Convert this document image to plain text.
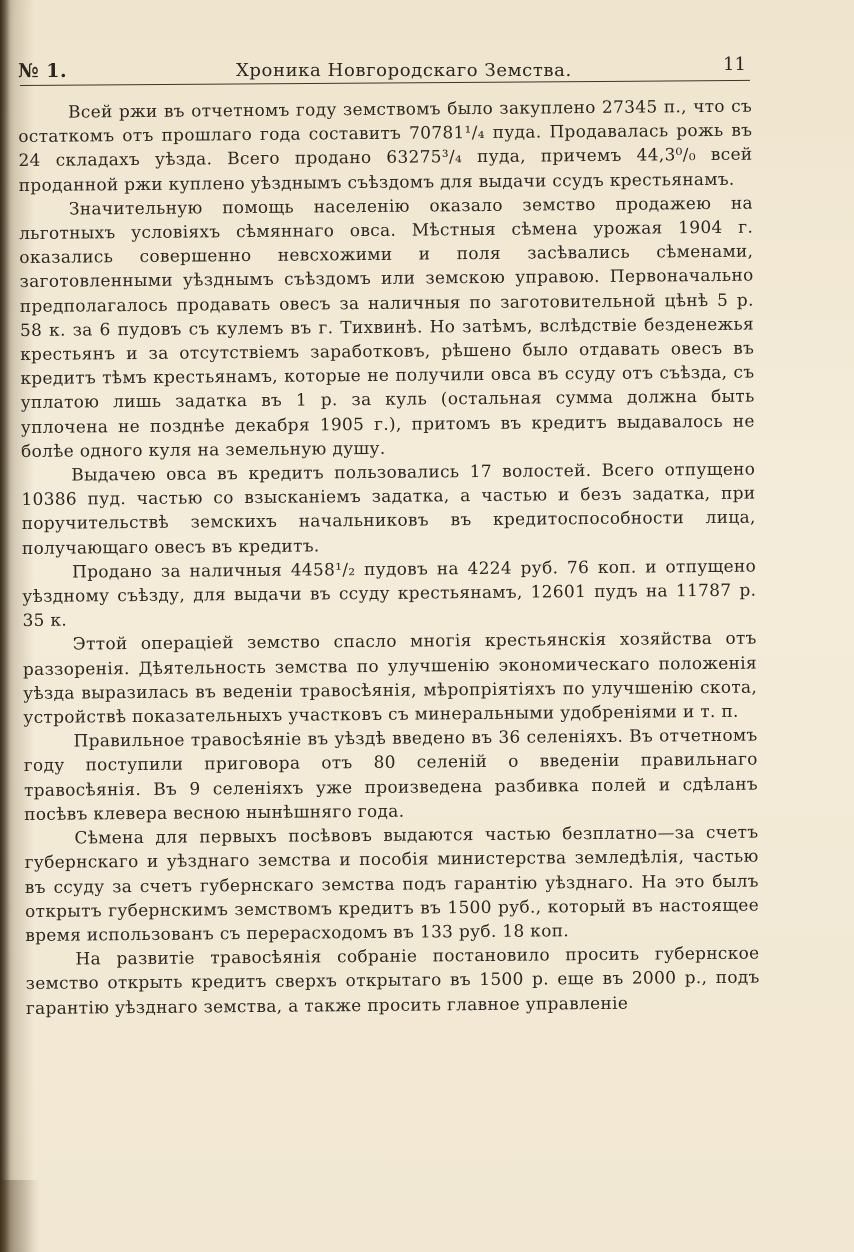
№ 1.	Хроника Новгородскаго Земства.	11

Всей ржи въ отчетномъ году земствомъ было закуплено 27345 п., что съ остаткомъ отъ прошлаго года составитъ 70781¹/₄ пуда. Продавалась рожь въ 24 складахъ уѣзда. Всего продано 63275³/₄ пуда, причемъ 44,3⁰/₀ всей проданной ржи куплено уѣзднымъ съѣздомъ для выдачи ссудъ крестьянамъ.

Значительную помощь населенію оказало земство продажею на льготныхъ условіяхъ сѣмяннаго овса. Мѣстныя сѣмена урожая 1904 г. оказались совершенно невсхожими и поля засѣвались сѣменами, заготовленными уѣзднымъ съѣздомъ или земскою управою. Первоначально предполагалось продавать овесъ за наличныя по заготовительной цѣнѣ 5 р. 58 к. за 6 пудовъ съ кулемъ въ г. Тихвинѣ. Но затѣмъ, вслѣдствіе безденежья крестьянъ и за отсутствіемъ заработковъ, рѣшено было отдавать овесъ въ кредитъ тѣмъ крестьянамъ, которые не получили овса въ ссуду отъ съѣзда, съ уплатою лишь задатка въ 1 р. за куль (остальная сумма должна быть уплочена не позднѣе декабря 1905 г.), притомъ въ кредитъ выдавалось не болѣе одного куля на земельную душу.

Выдачею овса въ кредитъ пользовались 17 волостей. Всего отпущено 10386 пуд. частью со взысканіемъ задатка, а частью и безъ задатка, при поручительствѣ земскихъ начальниковъ въ кредитоспособности лица, получающаго овесъ въ кредитъ.

Продано за наличныя 4458¹/₂ пудовъ на 4224 руб. 76 коп. и отпущено уѣздному съѣзду, для выдачи въ ссуду крестьянамъ, 12601 пудъ на 11787 р. 35 к.

Эттой операціей земство спасло многія крестьянскія хозяйства отъ раззоренія. Дѣятельность земства по улучшенію экономическаго положенія уѣзда выразилась въ веденіи травосѣянія, мѣропріятіяхъ по улучшенію скота, устройствѣ показательныхъ участковъ съ минеральными удобреніями и т. п.

Правильное травосѣяніе въ уѣздѣ введено въ 36 селеніяхъ. Въ отчетномъ году поступили приговора отъ 80 селеній о введеніи правильнаго травосѣянія. Въ 9 селеніяхъ уже произведена разбивка полей и сдѣланъ посѣвъ клевера весною нынѣшняго года.

Сѣмена для первыхъ посѣвовъ выдаются частью безплатно—за счетъ губернскаго и уѣзднаго земства и пособія министерства земледѣлія, частью въ ссуду за счетъ губернскаго земства подъ гарантію уѣзднаго. На это былъ открытъ губернскимъ земствомъ кредитъ въ 1500 руб., который въ настоящее время использованъ съ перерасходомъ въ 133 руб. 18 коп.

На развитіе травосѣянія собраніе постановило просить губернское земство открыть кредитъ сверхъ открытаго въ 1500 р. еще въ 2000 р., подъ гарантію уѣзднаго земства, а также просить главное управленіе
